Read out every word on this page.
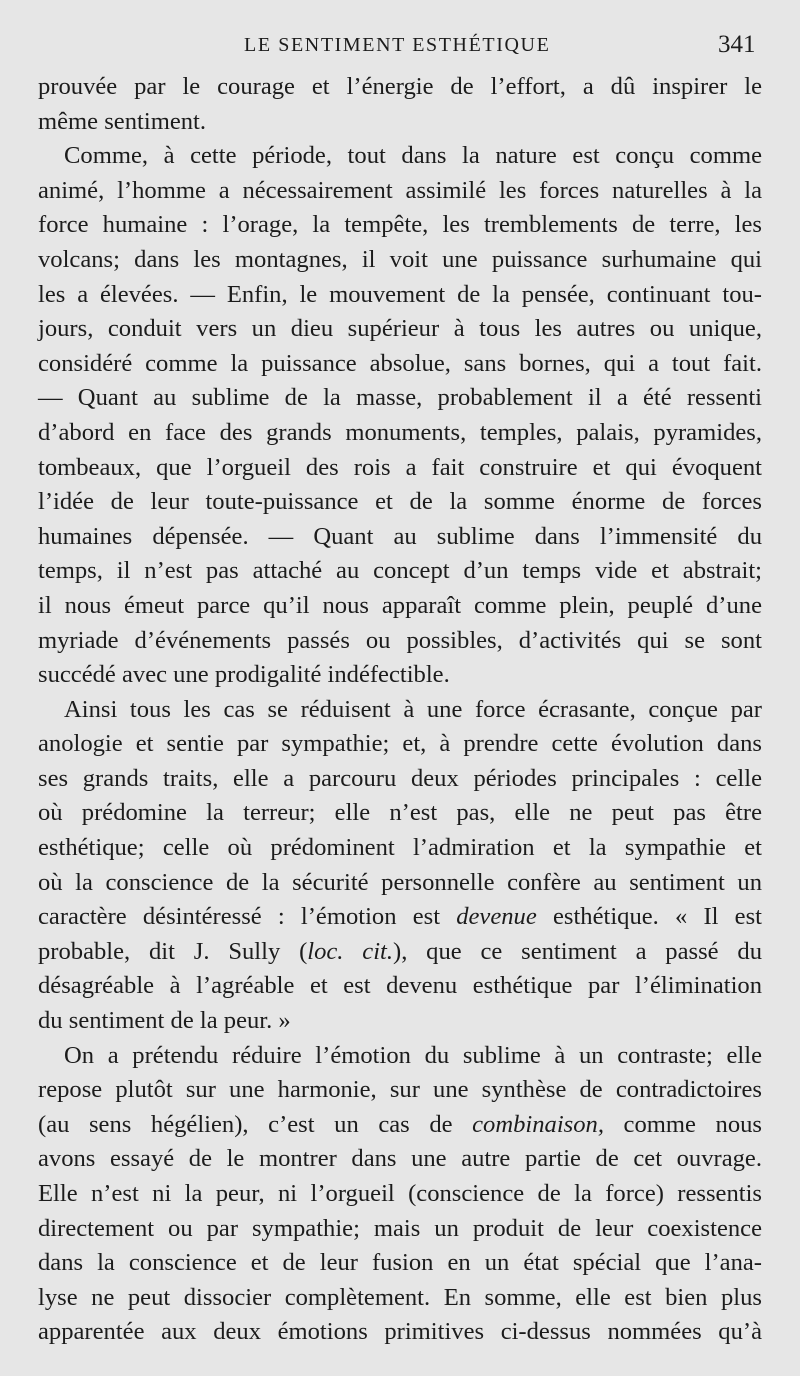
LE SENTIMENT ESTHÉTIQUE	341
prouvée par le courage et l’énergie de l’effort, a dû inspirer le
même sentiment.
Comme, à cette période, tout dans la nature est conçu comme
animé, l’homme a nécessairement assimilé les forces naturelles à la
force humaine : l’orage, la tempête, les tremblements de terre, les
volcans; dans les montagnes, il voit une puissance surhumaine qui
les a élevées. — Enfin, le mouvement de la pensée, continuant tou-
jours, conduit vers un dieu supérieur à tous les autres ou unique,
considéré comme la puissance absolue, sans bornes, qui a tout fait.
— Quant au sublime de la masse, probablement il a été ressenti
d’abord en face des grands monuments, temples, palais, pyramides,
tombeaux, que l’orgueil des rois a fait construire et qui évoquent
l’idée de leur toute-puissance et de la somme énorme de forces
humaines dépensée. — Quant au sublime dans l’immensité du
temps, il n’est pas attaché au concept d’un temps vide et abstrait;
il nous émeut parce qu’il nous apparaît comme plein, peuplé d’une
myriade d’événements passés ou possibles, d’activités qui se sont
succédé avec une prodigalité indéfectible.
Ainsi tous les cas se réduisent à une force écrasante, conçue par
anologie et sentie par sympathie; et, à prendre cette évolution dans
ses grands traits, elle a parcouru deux périodes principales : celle
où prédomine la terreur; elle n’est pas, elle ne peut pas être
esthétique; celle où prédominent l’admiration et la sympathie et
où la conscience de la sécurité personnelle confère au sentiment un
caractère désintéressé : l’émotion est devenue esthétique. « Il est
probable, dit J. Sully (loc. cit.), que ce sentiment a passé du
désagréable à l’agréable et est devenu esthétique par l’élimination
du sentiment de la peur. »
On a prétendu réduire l’émotion du sublime à un contraste; elle
repose plutôt sur une harmonie, sur une synthèse de contradictoires
(au sens hégélien), c’est un cas de combinaison, comme nous
avons essayé de le montrer dans une autre partie de cet ouvrage.
Elle n’est ni la peur, ni l’orgueil (conscience de la force) ressentis
directement ou par sympathie; mais un produit de leur coexistence
dans la conscience et de leur fusion en un état spécial que l’ana-
lyse ne peut dissocier complètement. En somme, elle est bien plus
apparentée aux deux émotions primitives ci-dessus nommées qu’à
